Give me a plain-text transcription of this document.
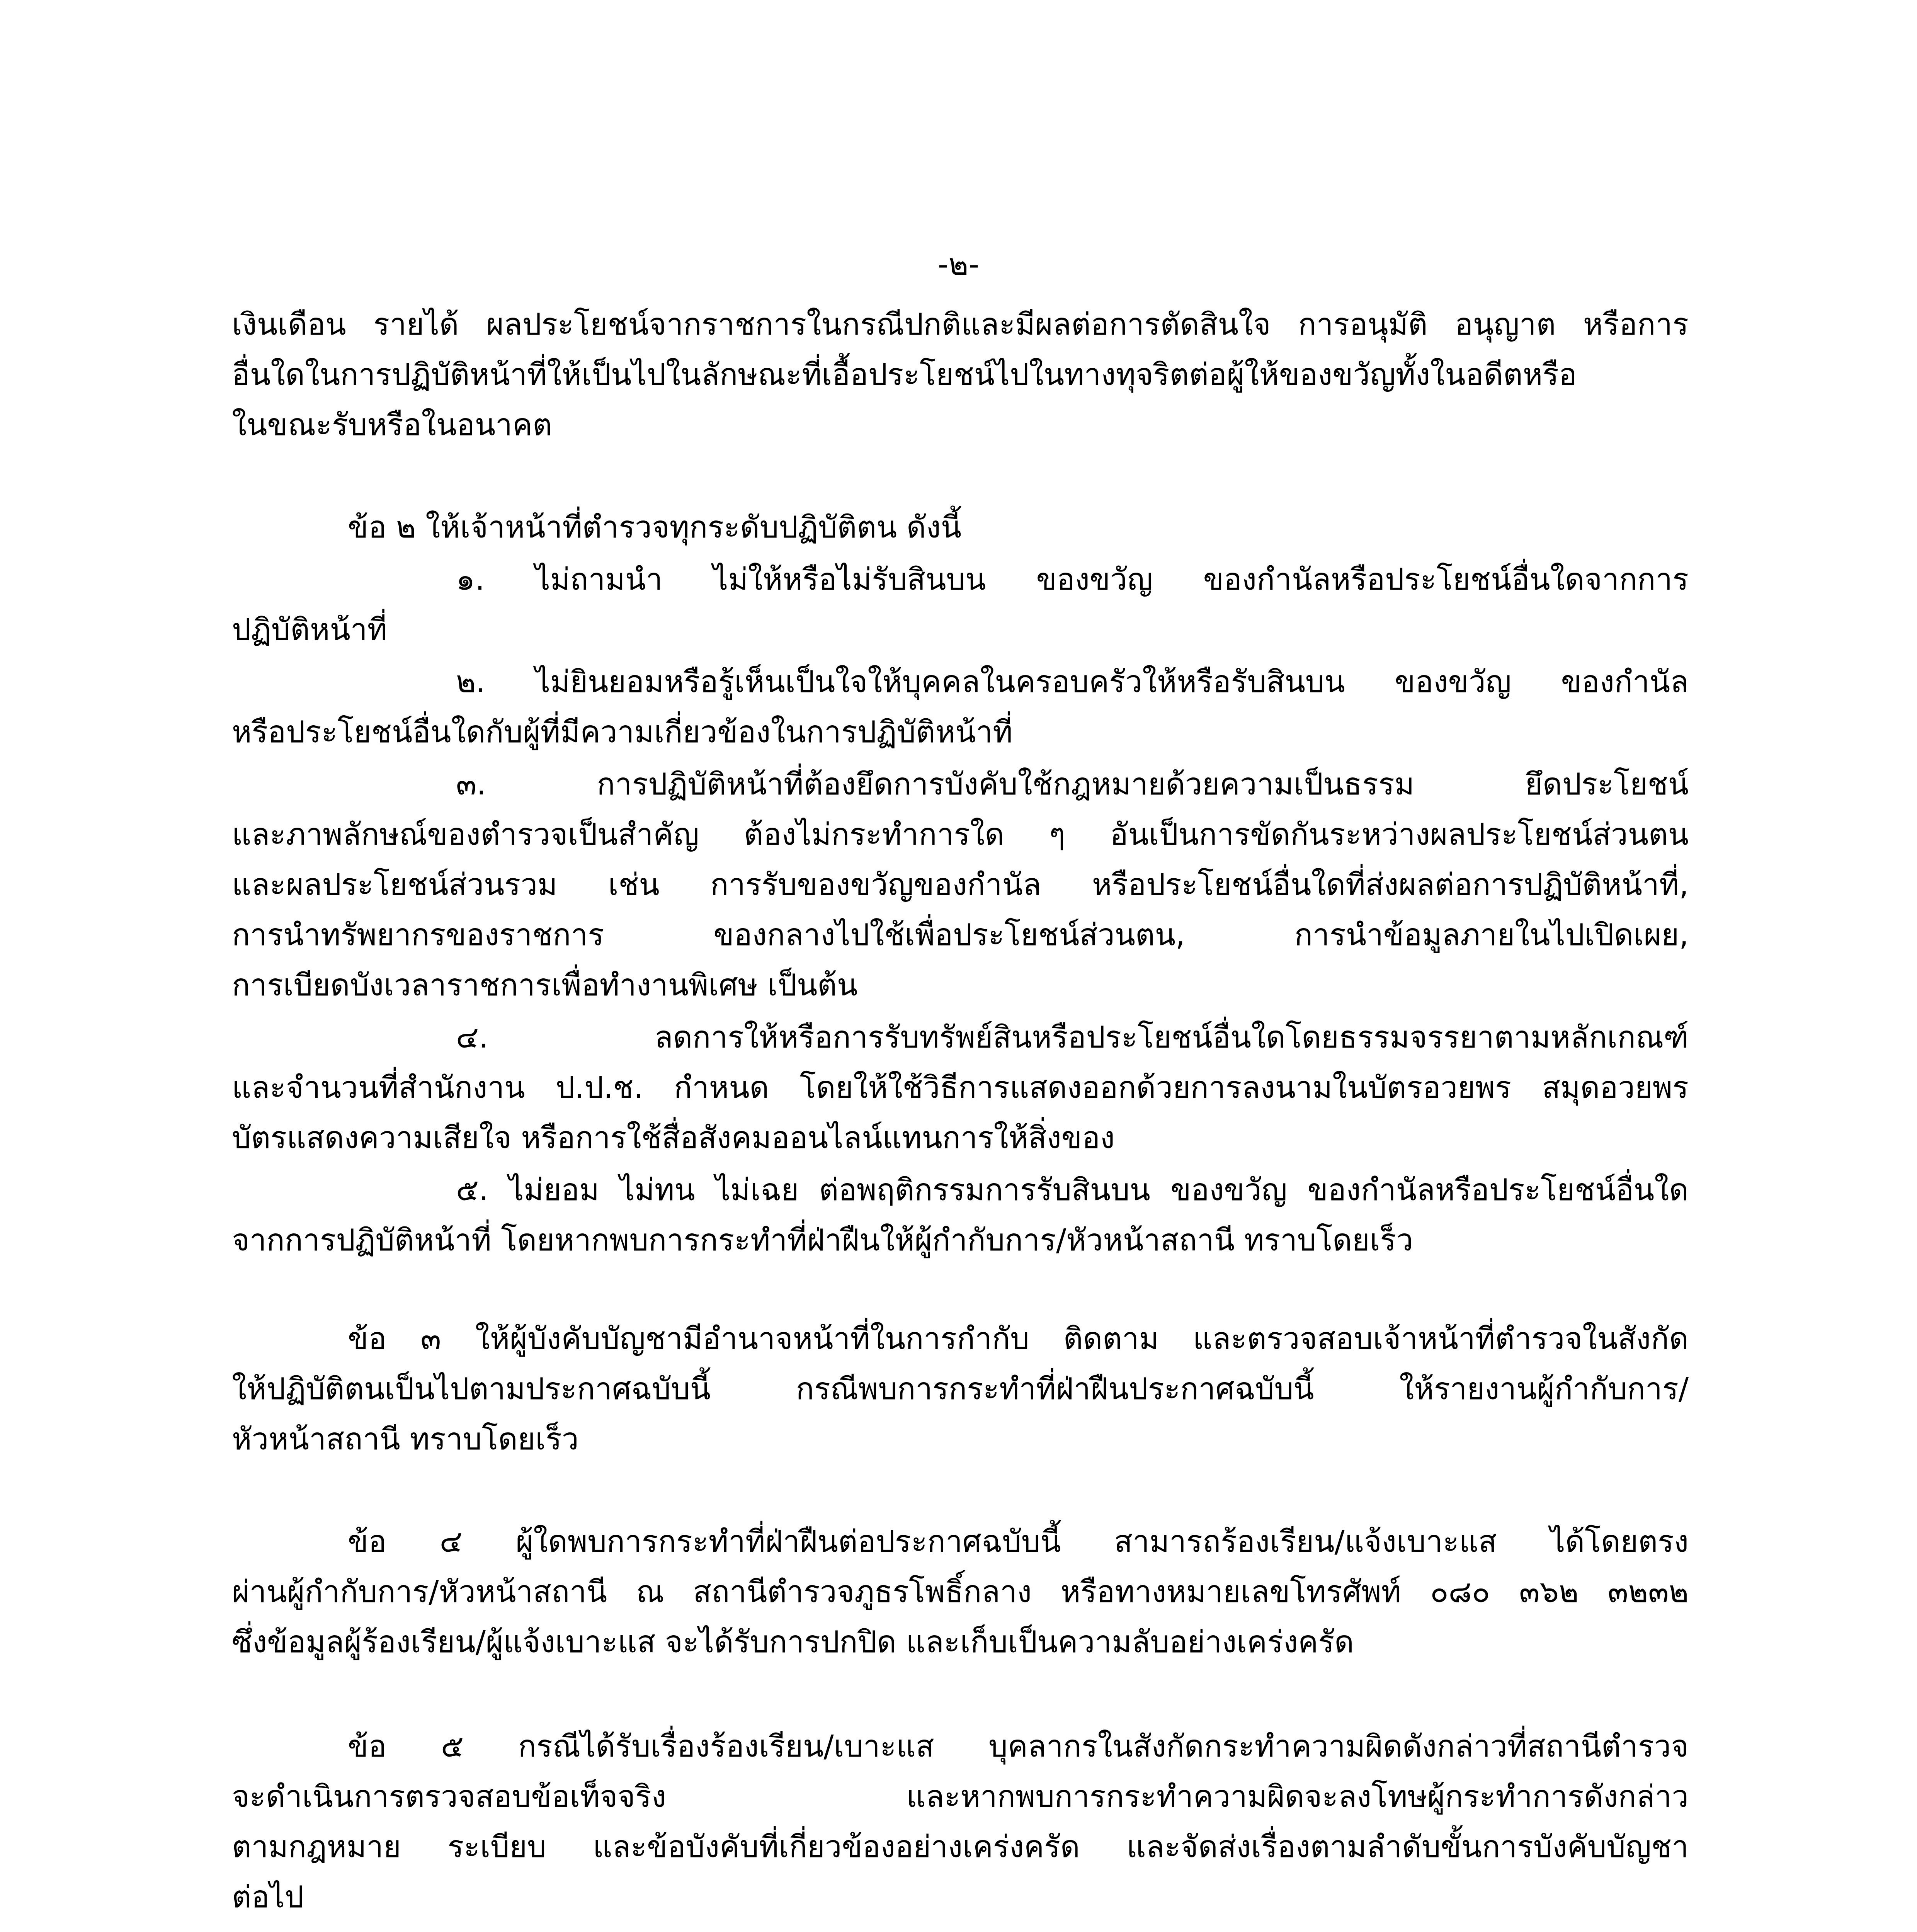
-๒-
เงินเดือน รายได้ ผลประโยชน์จากราชการในกรณีปกติและมีผลต่อการตัดสินใจ การอนุมัติ อนุญาต หรือการ
อื่นใดในการปฏิบัติหน้าที่ให้เป็นไปในลักษณะที่เอื้อประโยชน์ไปในทางทุจริตต่อผู้ให้ของขวัญทั้งในอดีตหรือ
ในขณะรับหรือในอนาคต
ข้อ ๒ ให้เจ้าหน้าที่ตำรวจทุกระดับปฏิบัติตน ดังนี้
๑. ไม่ถามนำ ไม่ให้หรือไม่รับสินบน ของขวัญ ของกำนัลหรือประโยชน์อื่นใดจากการ
ปฏิบัติหน้าที่
๒. ไม่ยินยอมหรือรู้เห็นเป็นใจให้บุคคลในครอบครัวให้หรือรับสินบน ของขวัญ ของกำนัล
หรือประโยชน์อื่นใดกับผู้ที่มีความเกี่ยวข้องในการปฏิบัติหน้าที่
๓. การปฏิบัติหน้าที่ต้องยึดการบังคับใช้กฎหมายด้วยความเป็นธรรม ยึดประโยชน์
และภาพลักษณ์ของตำรวจเป็นสำคัญ ต้องไม่กระทำการใด ๆ อันเป็นการขัดกันระหว่างผลประโยชน์ส่วนตน
และผลประโยชน์ส่วนรวม เช่น การรับของขวัญของกำนัล หรือประโยชน์อื่นใดที่ส่งผลต่อการปฏิบัติหน้าที่,
การนำทรัพยากรของราชการ ของกลางไปใช้เพื่อประโยชน์ส่วนตน, การนำข้อมูลภายในไปเปิดเผย,
การเบียดบังเวลาราชการเพื่อทำงานพิเศษ เป็นต้น
๔. ลดการให้หรือการรับทรัพย์สินหรือประโยชน์อื่นใดโดยธรรมจรรยาตามหลักเกณฑ์
และจำนวนที่สำนักงาน ป.ป.ช. กำหนด โดยให้ใช้วิธีการแสดงออกด้วยการลงนามในบัตรอวยพร สมุดอวยพร
บัตรแสดงความเสียใจ หรือการใช้สื่อสังคมออนไลน์แทนการให้สิ่งของ
๕. ไม่ยอม ไม่ทน ไม่เฉย ต่อพฤติกรรมการรับสินบน ของขวัญ ของกำนัลหรือประโยชน์อื่นใด
จากการปฏิบัติหน้าที่ โดยหากพบการกระทำที่ฝ่าฝืนให้ผู้กำกับการ/หัวหน้าสถานี ทราบโดยเร็ว
ข้อ ๓ ให้ผู้บังคับบัญชามีอำนาจหน้าที่ในการกำกับ ติดตาม และตรวจสอบเจ้าหน้าที่ตำรวจในสังกัด
ให้ปฏิบัติตนเป็นไปตามประกาศฉบับนี้ กรณีพบการกระทำที่ฝ่าฝืนประกาศฉบับนี้ ให้รายงานผู้กำกับการ/
หัวหน้าสถานี ทราบโดยเร็ว
ข้อ ๔ ผู้ใดพบการกระทำที่ฝ่าฝืนต่อประกาศฉบับนี้ สามารถร้องเรียน/แจ้งเบาะแส ได้โดยตรง
ผ่านผู้กำกับการ/หัวหน้าสถานี ณ สถานีตำรวจภูธรโพธิ์กลาง หรือทางหมายเลขโทรศัพท์ ๐๘๐ ๓๖๒ ๓๒๓๒
ซึ่งข้อมูลผู้ร้องเรียน/ผู้แจ้งเบาะแส จะได้รับการปกปิด และเก็บเป็นความลับอย่างเคร่งครัด
ข้อ ๕ กรณีได้รับเรื่องร้องเรียน/เบาะแส บุคลากรในสังกัดกระทำความผิดดังกล่าวที่สถานีตำรวจ
จะดำเนินการตรวจสอบข้อเท็จจริง และหากพบการกระทำความผิดจะลงโทษผู้กระทำการดังกล่าว
ตามกฎหมาย ระเบียบ และข้อบังคับที่เกี่ยวข้องอย่างเคร่งครัด และจัดส่งเรื่องตามลำดับขั้นการบังคับบัญชา
ต่อไป
